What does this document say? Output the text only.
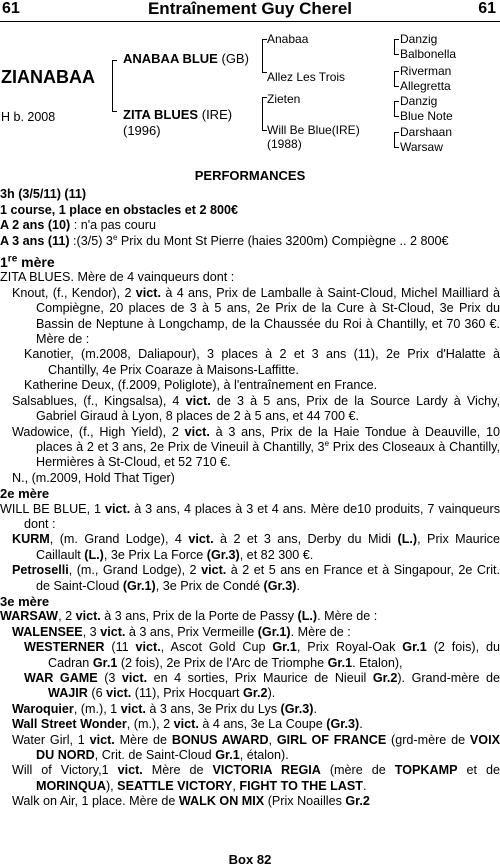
61	Entraînement Guy Cherel	61
ZIANABAA
H b. 2008
ANABAA BLUE (GB)
ZITA BLUES (IRE)
(1996)
Anabaa
Allez Les Trois
Zieten
Will Be Blue(IRE)
(1988)
Danzig
Balbonella
Riverman
Allegretta
Danzig
Blue Note
Darshaan
Warsaw

PERFORMANCES

3h (3/5/11) (11)

1 course, 1 place en obstacles et 2 800€

A 2 ans (10) : n'a pas couru

A 3 ans (11) :(3/5) 3e Prix du Mont St Pierre (haies 3200m) Compiègne .. 2 800€

1re mère

ZITA BLUES. Mère de 4 vainqueurs dont :

Knout, (f., Kendor), 2 vict. à 4 ans, Prix de Lamballe à Saint-Cloud, Michel Mailliard à Compiègne, 20 places de 3 à 5 ans, 2e Prix de la Cure à St-Cloud, 3e Prix du Bassin de Neptune à Longchamp, de la Chaussée du Roi à Chantilly, et 70 360 €. Mère de :

Kanotier, (m.2008, Daliapour), 3 places à 2 et 3 ans (11), 2e Prix d'Halatte à Chantilly, 4e Prix Coaraze à Maisons-Laffitte.

Katherine Deux, (f.2009, Poliglote), à l'entraînement en France.

Salsablues, (f., Kingsalsa), 4 vict. de 3 à 5 ans, Prix de la Source Lardy à Vichy, Gabriel Giraud à Lyon, 8 places de 2 à 5 ans, et 44 700 €.

Wadowice, (f., High Yield), 2 vict. à 3 ans, Prix de la Haie Tondue à Deauville, 10 places à 2 et 3 ans, 2e Prix de Vineuil à Chantilly, 3e Prix des Closeaux à Chantilly, Hermières à St-Cloud, et 52 710 €.

N., (m.2009, Hold That Tiger)

2e mère

WILL BE BLUE, 1 vict. à 3 ans, 4 places à 3 et 4 ans. Mère de10 produits, 7 vainqueurs dont :

KURM, (m. Grand Lodge), 4 vict. à 2 et 3 ans, Derby du Midi (L.), Prix Maurice Caillault (L.), 3e Prix La Force (Gr.3), et 82 300 €.

Petroselli, (m., Grand Lodge), 2 vict. à 2 et 5 ans en France et à Singapour, 2e Crit. de Saint-Cloud (Gr.1), 3e Prix de Condé (Gr.3).

3e mère

WARSAW, 2 vict. à 3 ans, Prix de la Porte de Passy (L.). Mère de :

WALENSEE, 3 vict. à 3 ans, Prix Vermeille (Gr.1). Mère de :

WESTERNER (11 vict., Ascot Gold Cup Gr.1, Prix Royal-Oak Gr.1 (2 fois), du Cadran Gr.1 (2 fois), 2e Prix de l'Arc de Triomphe Gr.1. Etalon),

WAR GAME (3 vict. en 4 sorties, Prix Maurice de Nieuil Gr.2). Grand-mère de WAJIR (6 vict. (11), Prix Hocquart Gr.2).

Waroquier, (m.), 1 vict. à 3 ans, 3e Prix du Lys (Gr.3).

Wall Street Wonder, (m.), 2 vict. à 4 ans, 3e La Coupe (Gr.3).

Water Girl, 1 vict. Mère de BONUS AWARD, GIRL OF FRANCE (grd-mère de VOIX DU NORD, Crit. de Saint-Cloud Gr.1, étalon).

Will of Victory,1 vict. Mère de VICTORIA REGIA (mère de TOPKAMP et de MORINQUA), SEATTLE VICTORY, FIGHT TO THE LAST.

Walk on Air, 1 place. Mère de WALK ON MIX (Prix Noailles Gr.2

Box 82
